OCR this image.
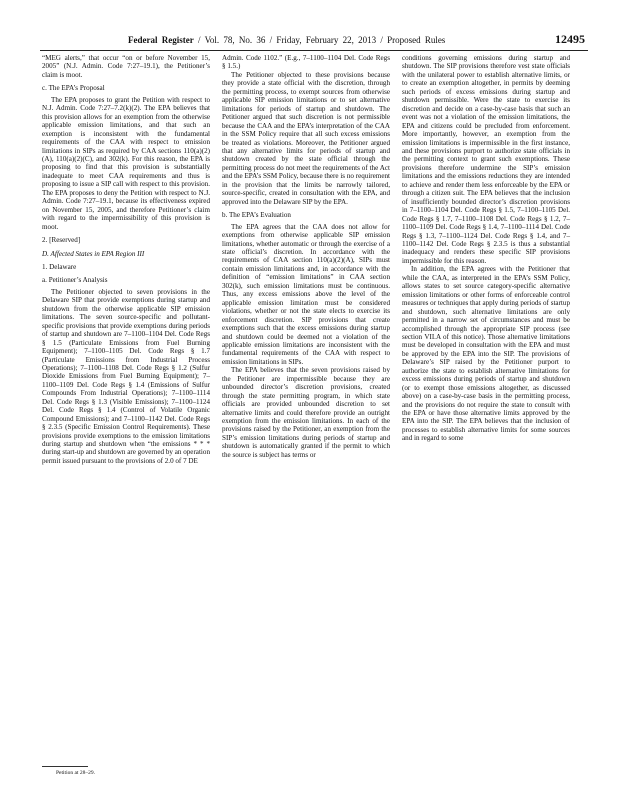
Federal Register / Vol. 78, No. 36 / Friday, February 22, 2013 / Proposed Rules	12495

“MEG alerts,” that occur “on or before November 15, 2005” (N.J. Admin. Code 7:27–19.1), the Petitioner’s claim is moot.

c. The EPA’s Proposal

The EPA proposes to grant the Petition with respect to N.J. Admin. Code 7:27–7.2(k)(2). The EPA believes that this provision allows for an exemption from the otherwise applicable emission limitations, and that such an exemption is inconsistent with the fundamental requirements of the CAA with respect to emission limitations in SIPs as required by CAA sections 110(a)(2)(A), 110(a)(2)(C), and 302(k). For this reason, the EPA is proposing to find that this provision is substantially inadequate to meet CAA requirements and thus is proposing to issue a SIP call with respect to this provision. The EPA proposes to deny the Petition with respect to N.J. Admin. Code 7:27–19.1, because its effectiveness expired on November 15, 2005, and therefore Petitioner’s claim with regard to the impermissibility of this provision is moot.

2. [Reserved]

D. Affected States in EPA Region III

1. Delaware

a. Petitioner’s Analysis

The Petitioner objected to seven provisions in the Delaware SIP that provide exemptions during startup and shutdown from the otherwise applicable SIP emission limitations. The seven source-specific and pollutant-specific provisions that provide exemptions during periods of startup and shutdown are 7–1100–1104 Del. Code Regs § 1.5 (Particulate Emissions from Fuel Burning Equipment); 7–1100–1105 Del. Code Regs § 1.7 (Particulate Emissions from Industrial Process Operations); 7–1100–1108 Del. Code Regs § 1.2 (Sulfur Dioxide Emissions from Fuel Burning Equipment); 7–1100–1109 Del. Code Regs § 1.4 (Emissions of Sulfur Compounds From Industrial Operations); 7–1100–1114 Del. Code Regs § 1.3 (Visible Emissions); 7–1100–1124 Del. Code Regs § 1.4 (Control of Volatile Organic Compound Emissions); and 7–1100–1142 Del. Code Regs § 2.3.5 (Specific Emission Control Requirements). These provisions provide exemptions to the emission limitations during startup and shutdown when “the emissions * * * during start-up and shutdown are governed by an operation permit issued pursuant to the provisions of 2.0 of 7 DE

Admin. Code 1102.” (E.g., 7–1100–1104 Del. Code Regs § 1.5.)

The Petitioner objected to these provisions because they provide a state official with the discretion, through the permitting process, to exempt sources from otherwise applicable SIP emission limitations or to set alternative limitations for periods of startup and shutdown. The Petitioner argued that such discretion is not permissible because the CAA and the EPA’s interpretation of the CAA in the SSM Policy require that all such excess emissions be treated as violations. Moreover, the Petitioner argued that any alternative limits for periods of startup and shutdown created by the state official through the permitting process do not meet the requirements of the Act and the EPA’s SSM Policy, because there is no requirement in the provision that the limits be narrowly tailored, source-specific, created in consultation with the EPA, and approved into the Delaware SIP by the EPA.

b. The EPA’s Evaluation

The EPA agrees that the CAA does not allow for exemptions from otherwise applicable SIP emission limitations, whether automatic or through the exercise of a state official’s discretion. In accordance with the requirements of CAA section 110(a)(2)(A), SIPs must contain emission limitations and, in accordance with the definition of “emission limitations” in CAA section 302(k), such emission limitations must be continuous. Thus, any excess emissions above the level of the applicable emission limitation must be considered violations, whether or not the state elects to exercise its enforcement discretion. SIP provisions that create exemptions such that the excess emissions during startup and shutdown could be deemed not a violation of the applicable emission limitations are inconsistent with the fundamental requirements of the CAA with respect to emission limitations in SIPs.

The EPA believes that the seven provisions raised by the Petitioner are impermissible because they are unbounded director’s discretion provisions, created through the state permitting program, in which state officials are provided unbounded discretion to set alternative limits and could therefore provide an outright exemption from the emission limitations. In each of the provisions raised by the Petitioner, an exemption from the SIP’s emission limitations during periods of startup and shutdown is automatically granted if the permit to which the source is subject has terms or

conditions governing emissions during startup and shutdown. The SIP provisions therefore vest state officials with the unilateral power to establish alternative limits, or to create an exemption altogether, in permits by deeming such periods of excess emissions during startup and shutdown permissible. Were the state to exercise its discretion and decide on a case-by-case basis that such an event was not a violation of the emission limitations, the EPA and citizens could be precluded from enforcement. More importantly, however, an exemption from the emission limitations is impermissible in the first instance, and these provisions purport to authorize state officials in the permitting context to grant such exemptions. These provisions therefore undermine the SIP’s emission limitations and the emissions reductions they are intended to achieve and render them less enforceable by the EPA or through a citizen suit. The EPA believes that the inclusion of insufficiently bounded director’s discretion provisions in 7–1100–1104 Del. Code Regs § 1.5, 7–1100–1105 Del. Code Regs § 1.7, 7–1100–1108 Del. Code Regs § 1.2, 7–1100–1109 Del. Code Regs § 1.4, 7–1100–1114 Del. Code Regs § 1.3, 7–1100–1124 Del. Code Regs § 1.4, and 7–1100–1142 Del. Code Regs § 2.3.5 is thus a substantial inadequacy and renders these specific SIP provisions impermissible for this reason.

In addition, the EPA agrees with the Petitioner that while the CAA, as interpreted in the EPA’s SSM Policy, allows states to set source category-specific alternative emission limitations or other forms of enforceable control measures or techniques that apply during periods of startup and shutdown, such alternative limitations are only permitted in a narrow set of circumstances and must be accomplished through the appropriate SIP process (see section VII.A of this notice). Those alternative limitations must be developed in consultation with the EPA and must be approved by the EPA into the SIP. The provisions of Delaware’s SIP raised by the Petitioner purport to authorize the state to establish alternative limitations for excess emissions during periods of startup and shutdown (or to exempt those emissions altogether, as discussed above) on a case-by-case basis in the permitting process, and the provisions do not require the state to consult with the EPA or have those alternative limits approved by the EPA into the SIP. The EPA believes that the inclusion of processes to establish alternative limits for some sources and in regard to some

Petition at 28–29.
